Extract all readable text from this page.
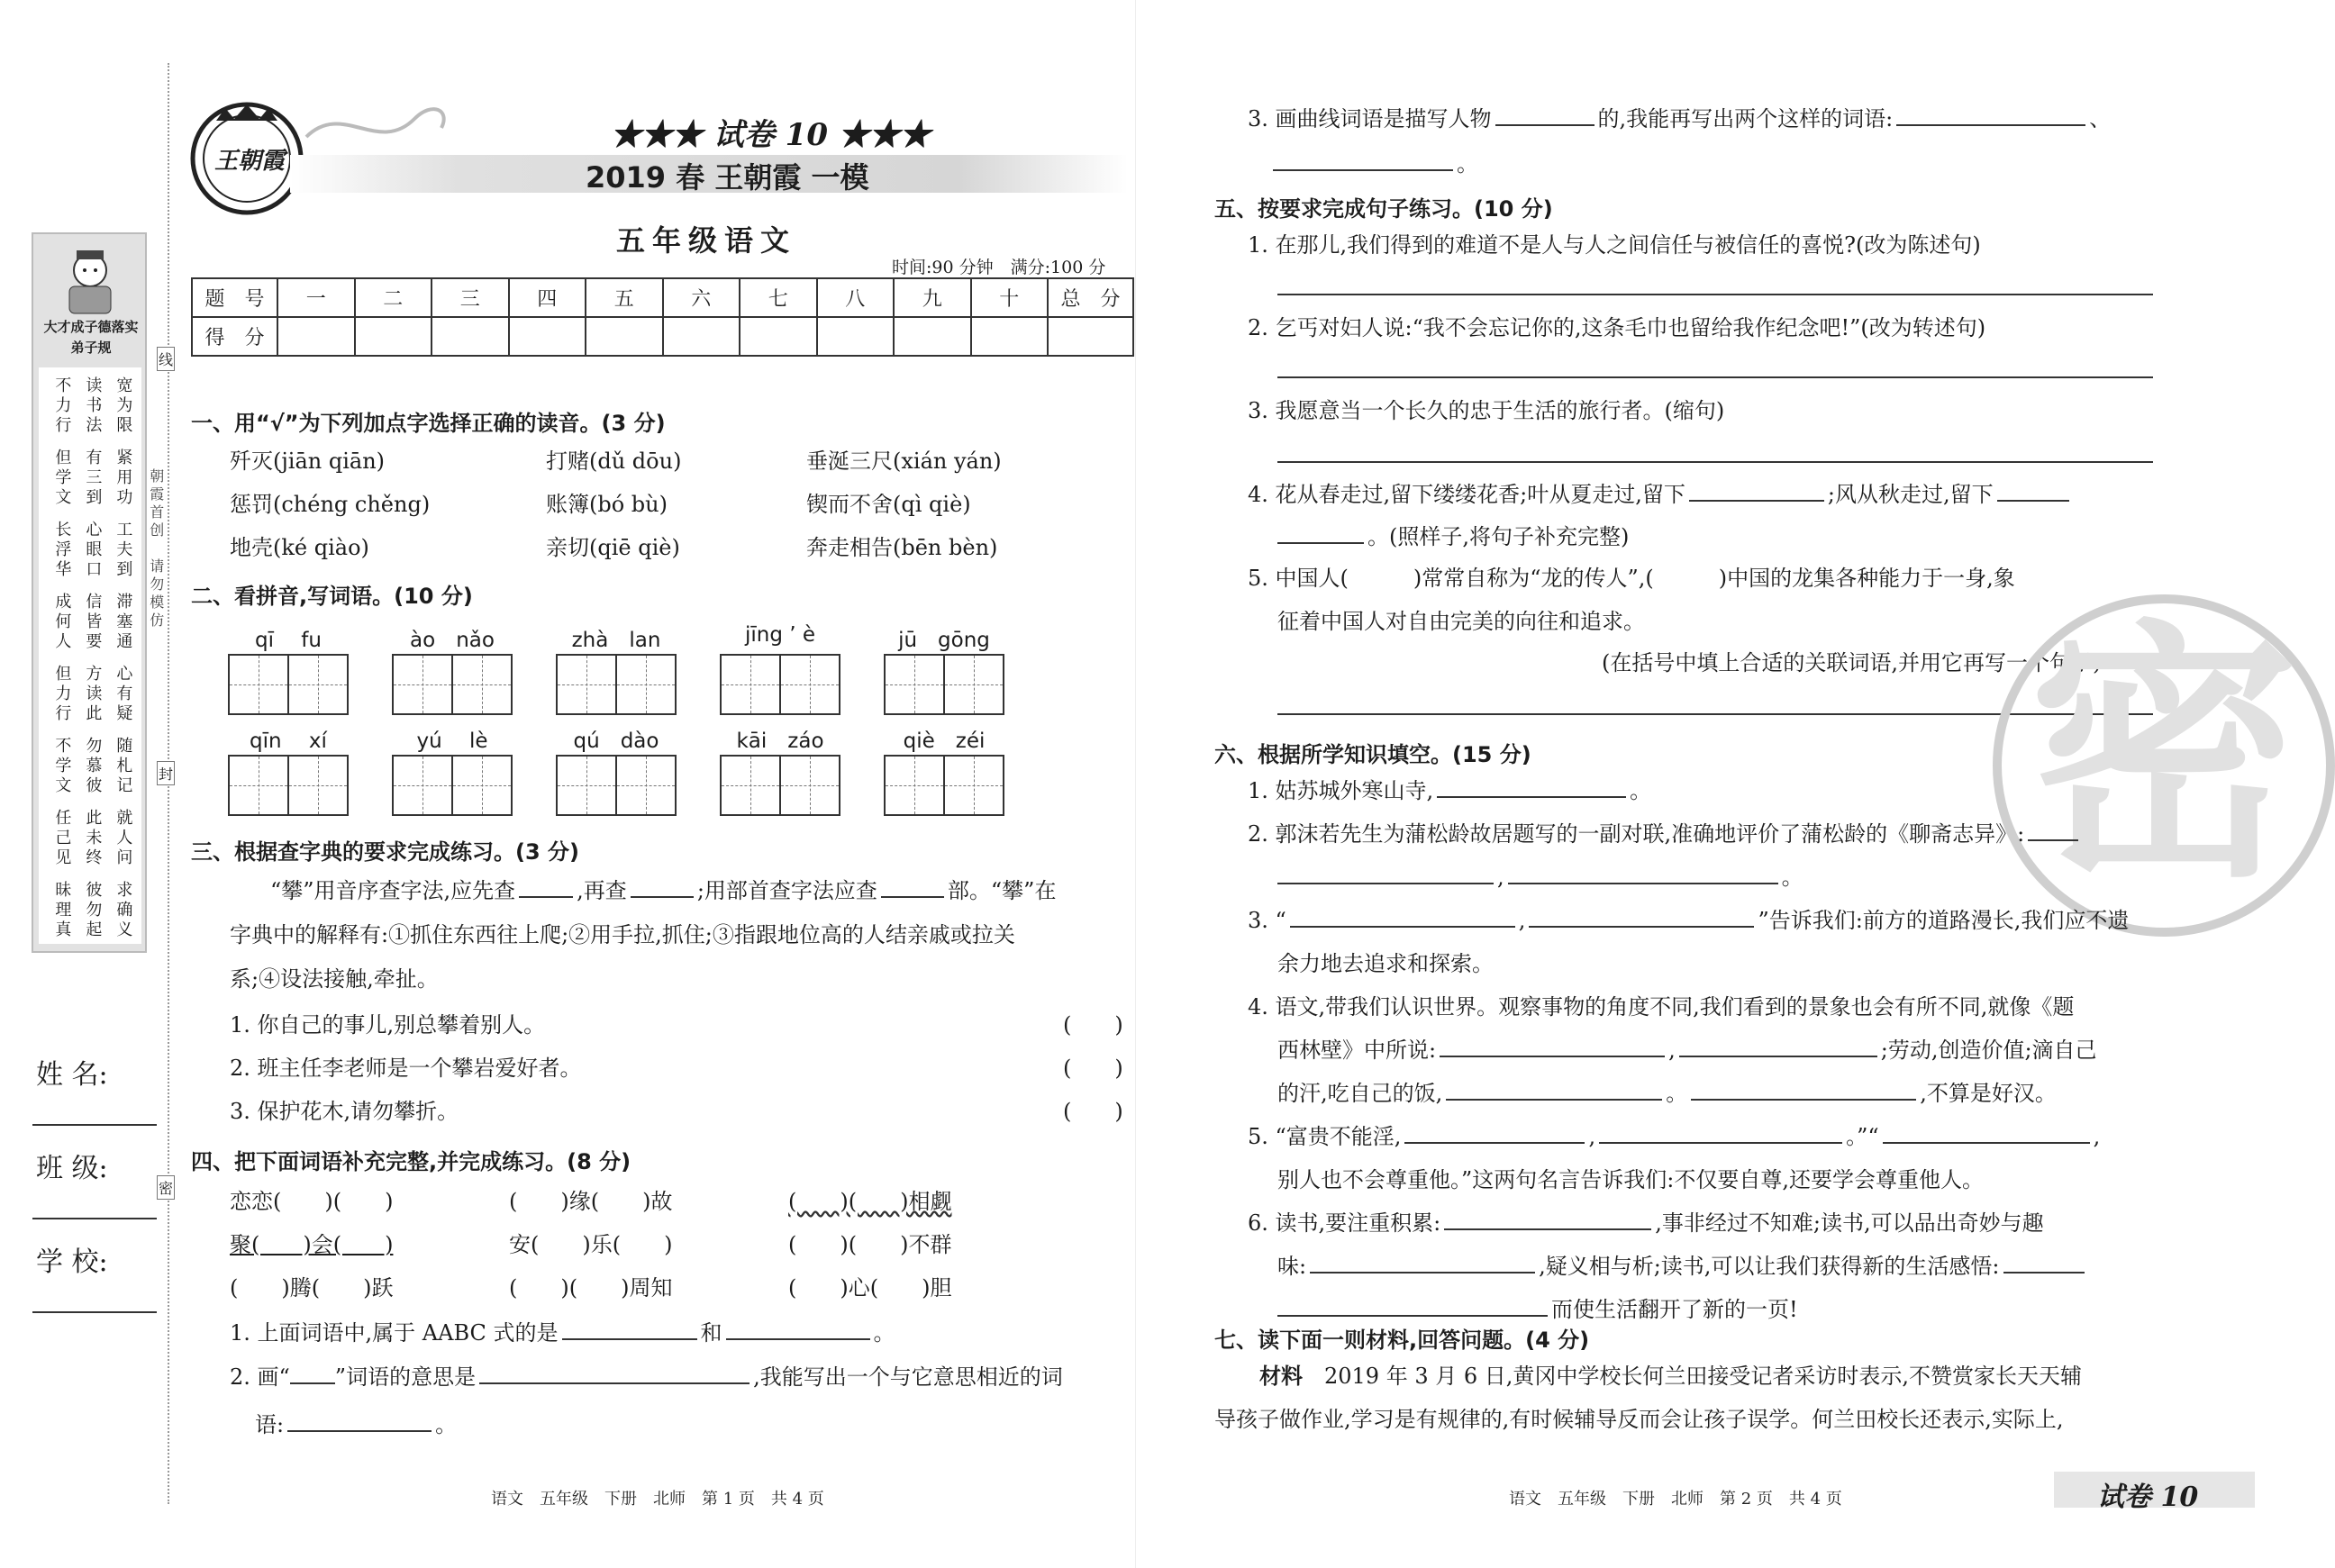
大才成子德落实弟子规
宽为限
紧用功
工夫到
滞塞通
心有疑
随札记
就人问
求确义
读书法
有三到
心眼口
信皆要
方读此
勿慕彼
此未终
彼勿起
不力行
但学文
长浮华
成何人
但力行
不学文
任己见
昧理真
朝霞首创　请勿模仿
线
封
密
姓 名:
班 级:
学 校:
王朝霞
★★★ 试卷 10 ★★★
2019 春 王朝霞 一模
五年级语文
时间:90 分钟　满分:100 分
题　号	一	二	三	四	五	六	七	八	九	十	总　分
得　分											
一、用“√”为下列加点字选择正确的读音。(3 分)
歼灭(jiān qiān)	打赌(dǔ dōu)	垂涎三尺(xián yán)
惩罚(chéng chěng)	账簿(bó bù)	锲而不舍(qì qiè)
地壳(ké qiào)	亲切(qiē qiè)	奔走相告(bēn bèn)
二、看拼音,写词语。(10 分)
qī　 fu	ào　nǎo	zhà　lan	jīng ’ è	jū　gōng
qīn　 xí	yú　 lè	qú　dào	kāi　záo	qiè　zéi
三、根据查字典的要求完成练习。(3 分)
“攀”用音序查字法,应先查	,再查	;用部首查字法应查	部。“攀”在
字典中的解释有:①抓住东西往上爬;②用手拉,抓住;③指跟地位高的人结亲戚或拉关
系;④设法接触,牵扯。
1. 你自己的事儿,别总攀着别人。	(　　)
2. 班主任李老师是一个攀岩爱好者。	(　　)
3. 保护花木,请勿攀折。	(　　)
四、把下面词语补充完整,并完成练习。(8 分)
恋恋(　　)(　　)	(　　)缘(　　)故	(　　)(　　)相觑
聚(　　)会(　　)	安(　　)乐(　　)	(　　)(　　)不群
(　　)腾(　　)跃	(　　)(　　)周知	(　　)心(　　)胆
1. 上面词语中,属于 AABC 式的是	和	。
2. 画“ ”词语的意思是	,我能写出一个与它意思相近的词
语:	。
语文　五年级　下册　北师　第 1 页　共 4 页
3. 画曲线词语是描写人物	的,我能再写出两个这样的词语:	、
。
五、按要求完成句子练习。(10 分)
1. 在那儿,我们得到的难道不是人与人之间信任与被信任的喜悦?(改为陈述句)
2. 乞丐对妇人说:“我不会忘记你的,这条毛巾也留给我作纪念吧!”(改为转述句)
3. 我愿意当一个长久的忠于生活的旅行者。(缩句)
4. 花从春走过,留下缕缕花香;叶从夏走过,留下	;风从秋走过,留下
。(照样子,将句子补充完整)
5. 中国人(　　　)常常自称为“龙的传人”,(　　　)中国的龙集各种能力于一身,象
征着中国人对自由完美的向往和追求。
(在括号中填上合适的关联词语,并用它再写一个句子)
密
六、根据所学知识填空。(15 分)
1. 姑苏城外寒山寺,	。
2. 郭沫若先生为蒲松龄故居题写的一副对联,准确地评价了蒲松龄的《聊斋志异》:
,	。
3. “	,	”告诉我们:前方的道路漫长,我们应不遗
余力地去追求和探索。
4. 语文,带我们认识世界。观察事物的角度不同,我们看到的景象也会有所不同,就像《题
西林壁》中所说:	,	;劳动,创造价值;滴自己
的汗,吃自己的饭,	。	,不算是好汉。
5. “富贵不能淫,	,	。”“	,
别人也不会尊重他。”这两句名言告诉我们:不仅要自尊,还要学会尊重他人。
6. 读书,要注重积累:	,事非经过不知难;读书,可以品出奇妙与趣
味:	,疑义相与析;读书,可以让我们获得新的生活感悟:
而使生活翻开了新的一页!
七、读下面一则材料,回答问题。(4 分)
材料 2019 年 3 月 6 日,黄冈中学校长何兰田接受记者采访时表示,不赞赏家长天天辅
导孩子做作业,学习是有规律的,有时候辅导反而会让孩子误学。何兰田校长还表示,实际上,
语文　五年级　下册　北师　第 2 页　共 4 页	试卷 10
